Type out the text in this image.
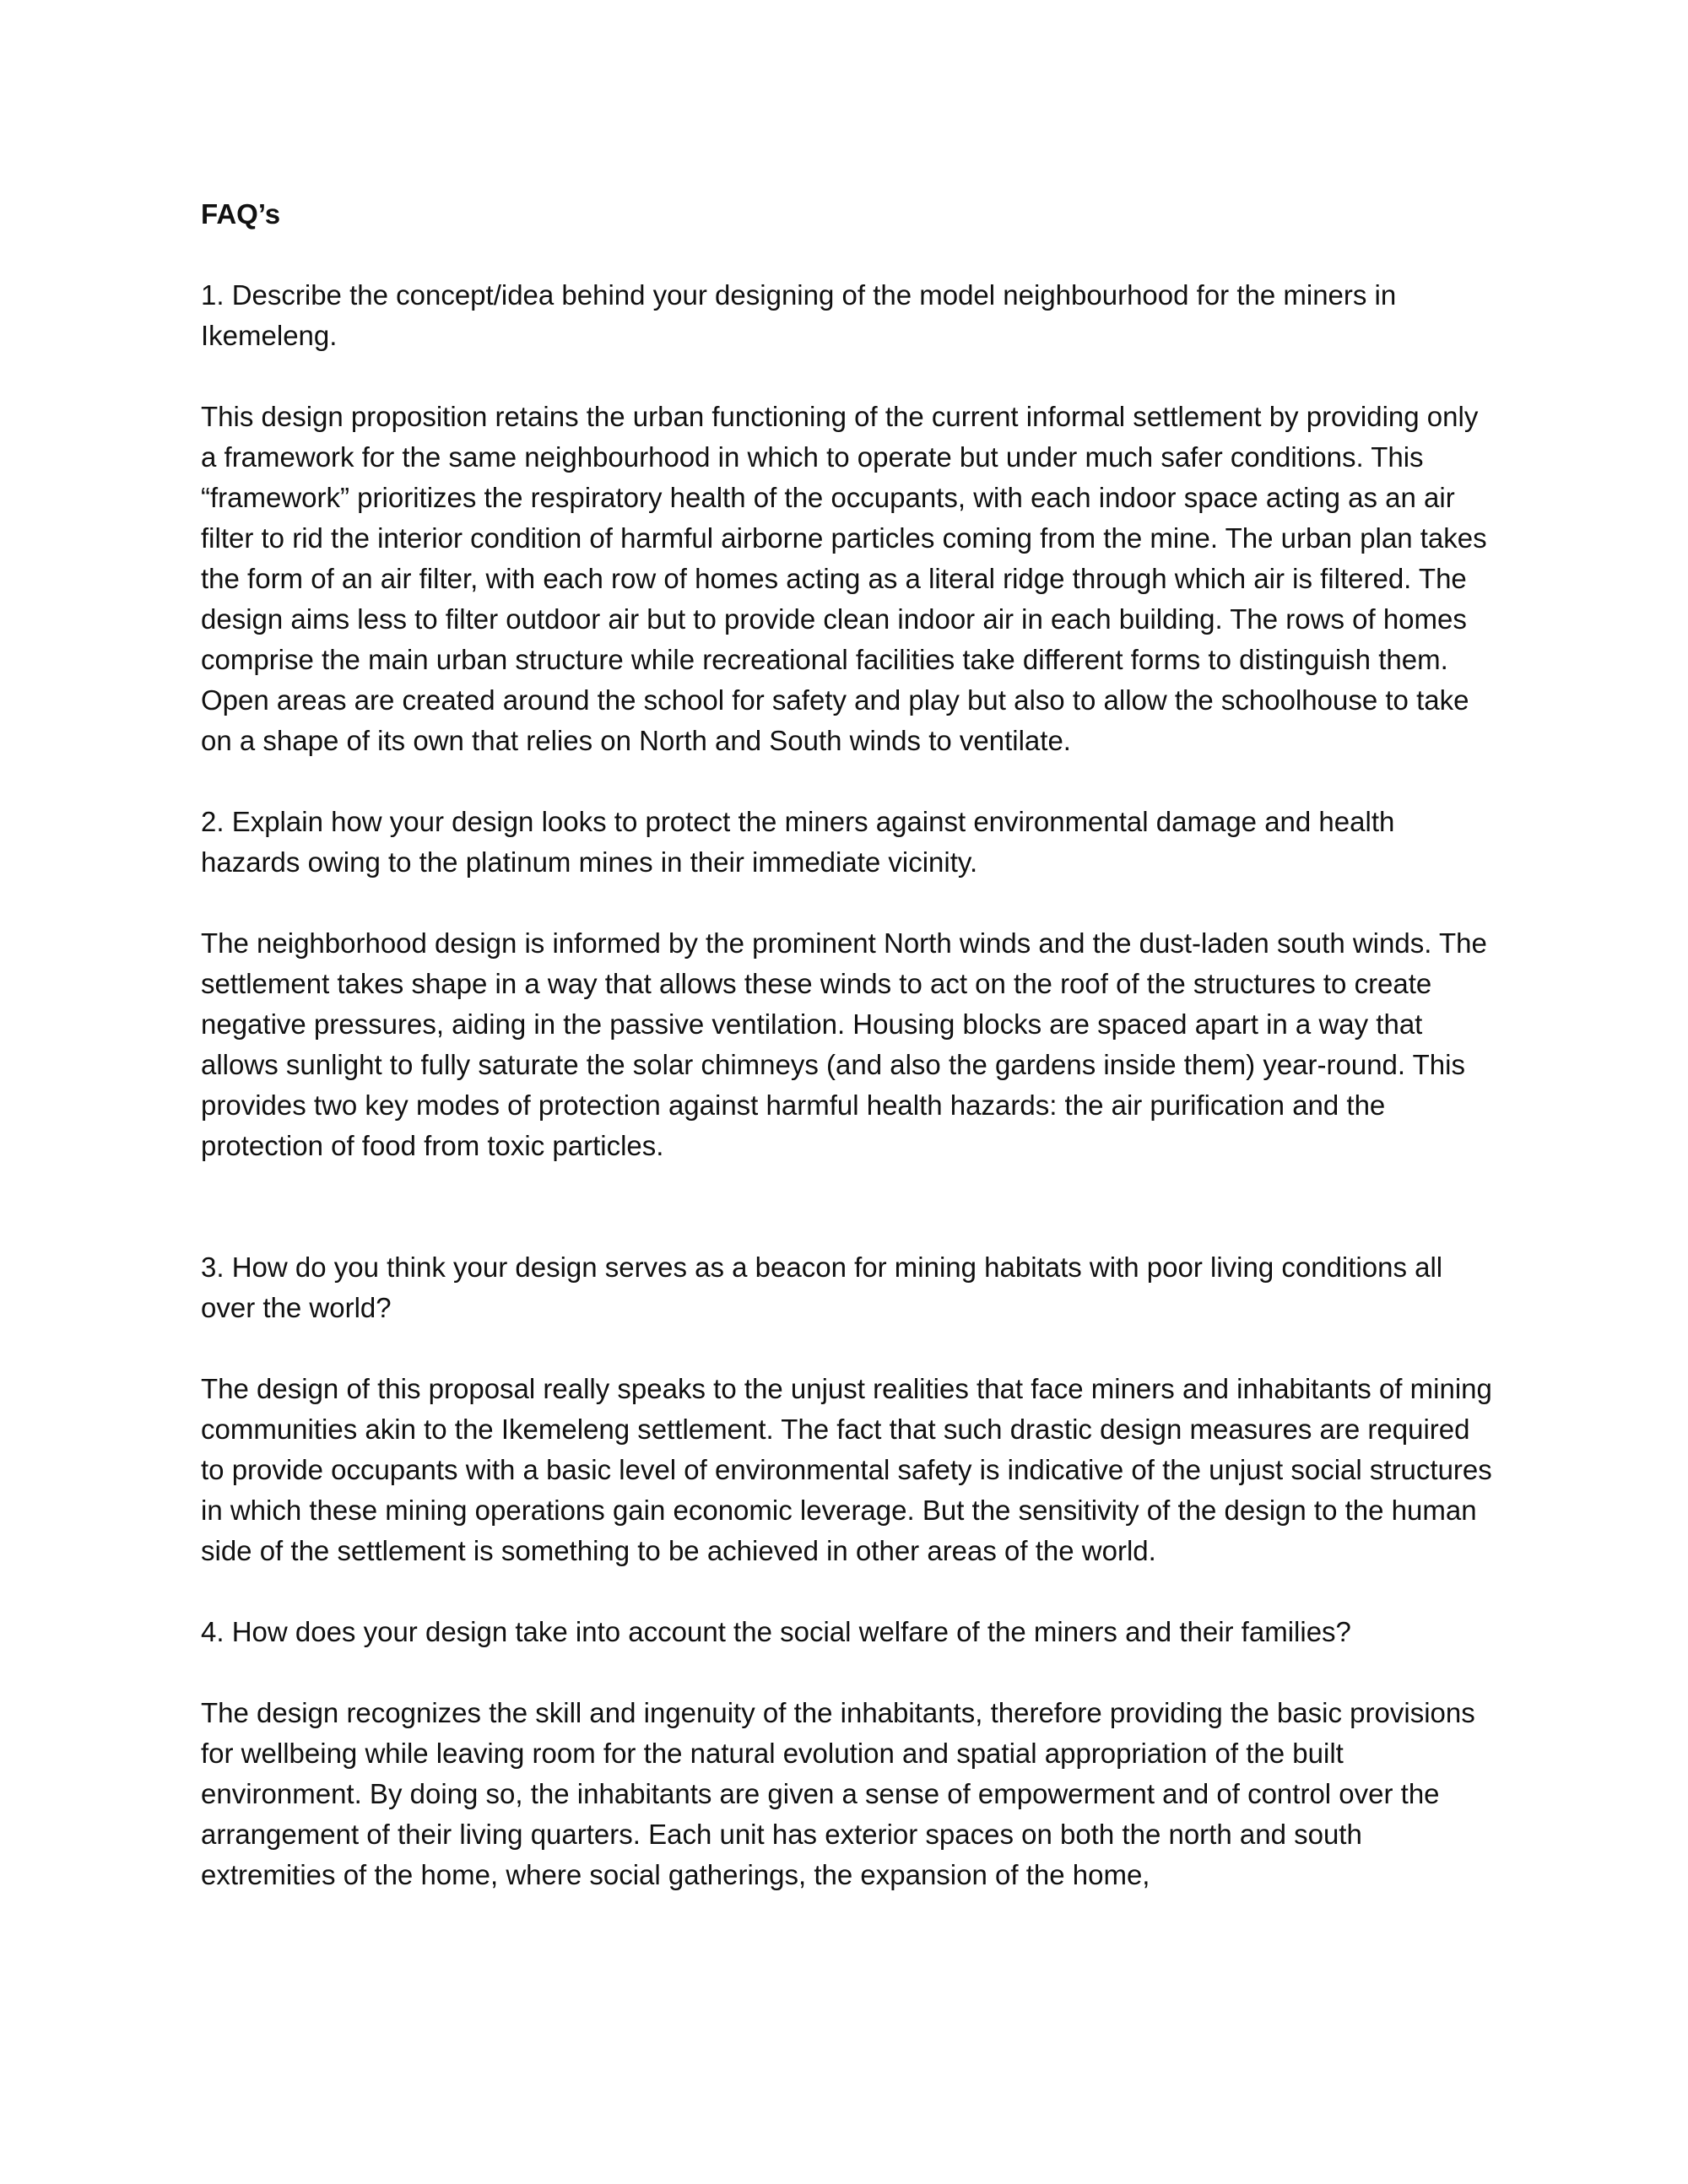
FAQ’s

1. Describe the concept/idea behind your designing of the model neighbourhood for the miners in Ikemeleng.

This design proposition retains the urban functioning of the current informal settlement by providing only a framework for the same neighbourhood in which to operate but under much safer conditions. This “framework” prioritizes the respiratory health of the occupants, with each indoor space acting as an air filter to rid the interior condition of harmful airborne particles coming from the mine. The urban plan takes the form of an air filter, with each row of homes acting as a literal ridge through which air is filtered. The design aims less to filter outdoor air but to provide clean indoor air in each building. The rows of homes comprise the main urban structure while recreational facilities take different forms to distinguish them. Open areas are created around the school for safety and play but also to allow the schoolhouse to take on a shape of its own that relies on North and South winds to ventilate.

2. Explain how your design looks to protect the miners against environmental damage and health hazards owing to the platinum mines in their immediate vicinity.

The neighborhood design is informed by the prominent North winds and the dust-laden south winds. The settlement takes shape in a way that allows these winds to act on the roof of the structures to create negative pressures, aiding in the passive ventilation. Housing blocks are spaced apart in a way that allows sunlight to fully saturate the solar chimneys (and also the gardens inside them) year-round. This provides two key modes of protection against harmful health hazards: the air purification and the protection of food from toxic particles.

3. How do you think your design serves as a beacon for mining habitats with poor living conditions all over the world?

The design of this proposal really speaks to the unjust realities that face miners and inhabitants of mining communities akin to the Ikemeleng settlement. The fact that such drastic design measures are required to provide occupants with a basic level of environmental safety is indicative of the unjust social structures in which these mining operations gain economic leverage. But the sensitivity of the design to the human side of the settlement is something to be achieved in other areas of the world.

4. How does your design take into account the social welfare of the miners and their families?

The design recognizes the skill and ingenuity of the inhabitants, therefore providing the basic provisions for wellbeing while leaving room for the natural evolution and spatial appropriation of the built environment. By doing so, the inhabitants are given a sense of empowerment and of control over the arrangement of their living quarters. Each unit has exterior spaces on both the north and south extremities of the home, where social gatherings, the expansion of the home,
